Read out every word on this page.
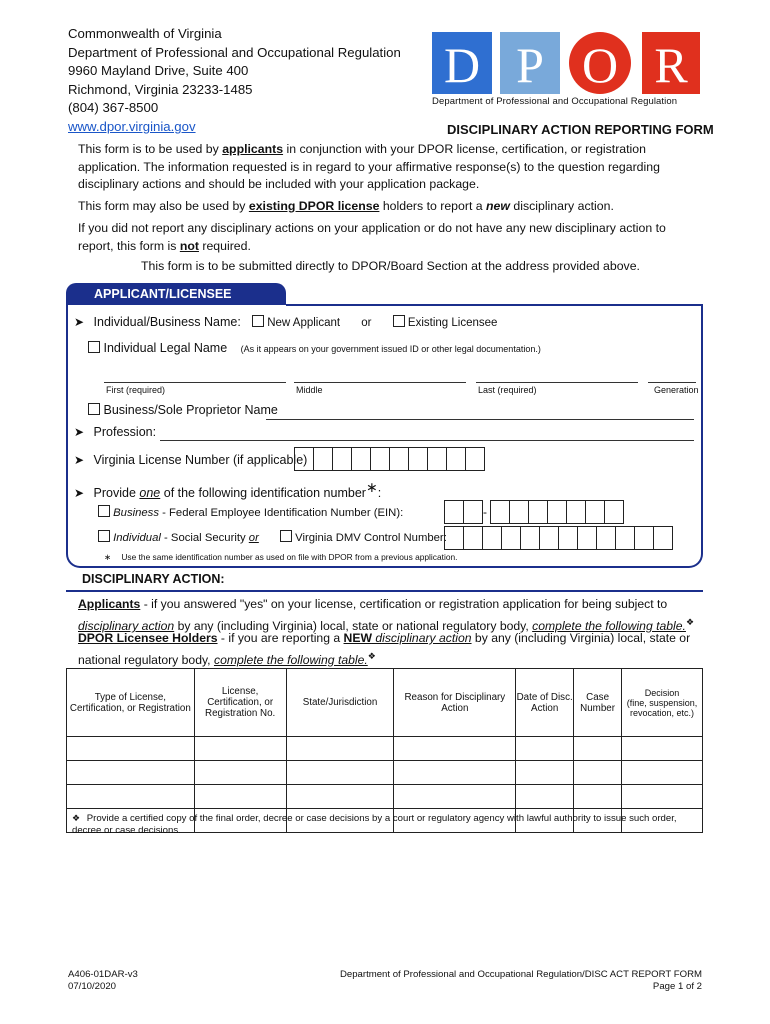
Commonwealth of Virginia
Department of Professional and Occupational Regulation
9960 Mayland Drive, Suite 400
Richmond, Virginia 23233-1485
(804) 367-8500
www.dpor.virginia.gov
D P O R
Department of Professional and Occupational Regulation
DISCIPLINARY ACTION REPORTING FORM
This form is to be used by applicants in conjunction with your DPOR license, certification, or registration application. The information requested is in regard to your affirmative response(s) to the question regarding disciplinary actions and should be included with your application package.
This form may also be used by existing DPOR license holders to report a new disciplinary action.
If you did not report any disciplinary actions on your application or do not have any new disciplinary action to report, this form is not required.
This form is to be submitted directly to DPOR/Board Section at the address provided above.
APPLICANT/LICENSEE
➤ Individual/Business Name:	New Applicant or	Existing Licensee
Individual Legal Name (As it appears on your government issued ID or other legal documentation.)
First (required)	Middle	Last (required)	Generation
Business/Sole Proprietor Name
➤ Profession:
➤ Virginia License Number (if applicable)
➤ Provide one of the following identification number∗:
Business - Federal Employee Identification Number (EIN):	-
Individual - Social Security or	Virginia DMV Control Number:
∗ Use the same identification number as used on file with DPOR from a previous application.
DISCIPLINARY ACTION:
Applicants - if you answered "yes" on your license, certification or registration application for being subject to disciplinary action by any (including Virginia) local, state or national regulatory body, complete the following table.❖
DPOR Licensee Holders - if you are reporting a NEW disciplinary action by any (including Virginia) local, state or national regulatory body, complete the following table.❖
Type of License, Certification, or Registration	License, Certification, or Registration No.	State/Jurisdiction	Reason for Disciplinary Action	Date of Disc. Action	Case Number	Decision
(fine, suspension, revocation, etc.)

❖ Provide a certified copy of the final order, decree or case decisions by a court or regulatory agency with lawful authority to issue such order, decree or case decisions.
A406-01DAR-v3
07/10/2020
Department of Professional and Occupational Regulation/DISC ACT REPORT FORM
Page 1 of 2
